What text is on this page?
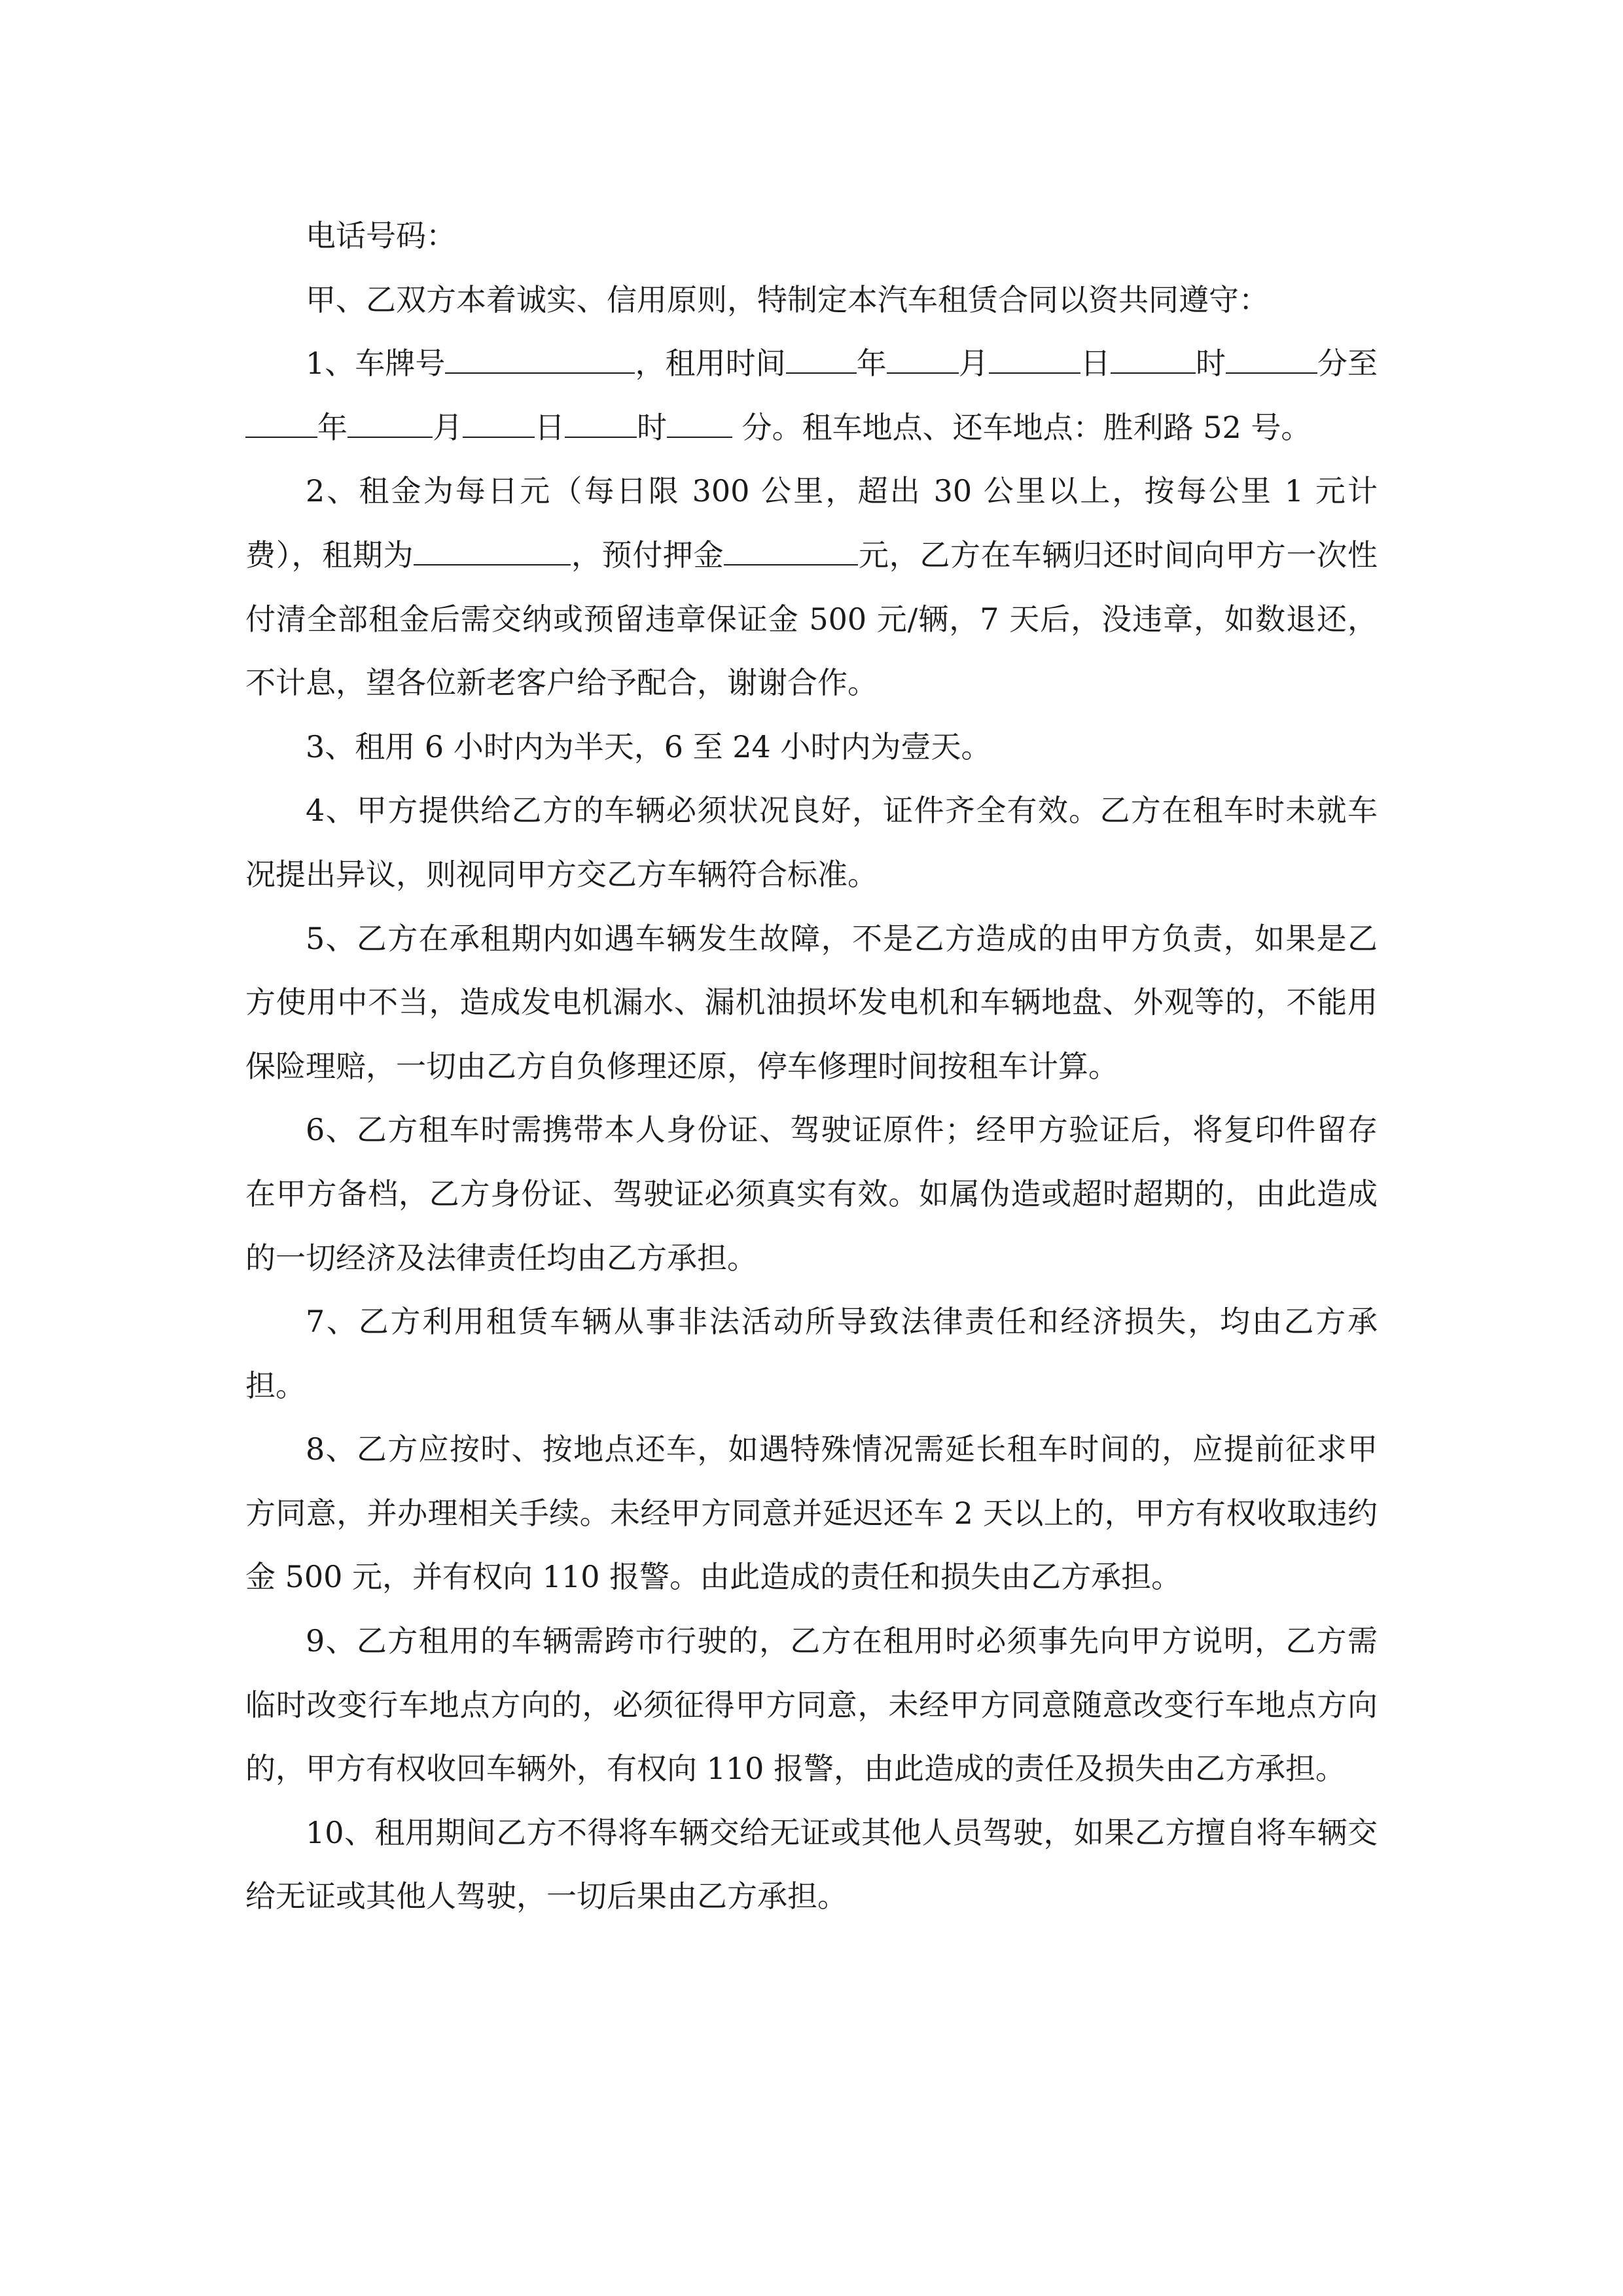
电话号码：

甲、乙双方本着诚实、信用原则，特制定本汽车租赁合同以资共同遵守：

1、车牌号	，租用时间 年 月	日	时	分至年	月 日 时 分。租车地点、还车地点：胜利路 52 号。

2、租金为每日元（每日限 300 公里，超出 30 公里以上，按每公里 1 元计费），租期为	，预付押金	元，乙方在车辆归还时间向甲方一次性付清全部租金后需交纳或预留违章保证金 500 元/辆，7 天后，没违章，如数退还，不计息，望各位新老客户给予配合，谢谢合作。

3、租用 6 小时内为半天，6 至 24 小时内为壹天。

4、甲方提供给乙方的车辆必须状况良好，证件齐全有效。乙方在租车时未就车况提出异议，则视同甲方交乙方车辆符合标准。

5、乙方在承租期内如遇车辆发生故障，不是乙方造成的由甲方负责，如果是乙方使用中不当，造成发电机漏水、漏机油损坏发电机和车辆地盘、外观等的，不能用保险理赔，一切由乙方自负修理还原，停车修理时间按租车计算。

6、乙方租车时需携带本人身份证、驾驶证原件；经甲方验证后，将复印件留存在甲方备档，乙方身份证、驾驶证必须真实有效。如属伪造或超时超期的，由此造成的一切经济及法律责任均由乙方承担。

7、乙方利用租赁车辆从事非法活动所导致法律责任和经济损失，均由乙方承担。

8、乙方应按时、按地点还车，如遇特殊情况需延长租车时间的，应提前征求甲方同意，并办理相关手续。未经甲方同意并延迟还车 2 天以上的，甲方有权收取违约金 500 元，并有权向 110 报警。由此造成的责任和损失由乙方承担。

9、乙方租用的车辆需跨市行驶的，乙方在租用时必须事先向甲方说明，乙方需临时改变行车地点方向的，必须征得甲方同意，未经甲方同意随意改变行车地点方向的，甲方有权收回车辆外，有权向 110 报警，由此造成的责任及损失由乙方承担。

10、租用期间乙方不得将车辆交给无证或其他人员驾驶，如果乙方擅自将车辆交给无证或其他人驾驶，一切后果由乙方承担。
